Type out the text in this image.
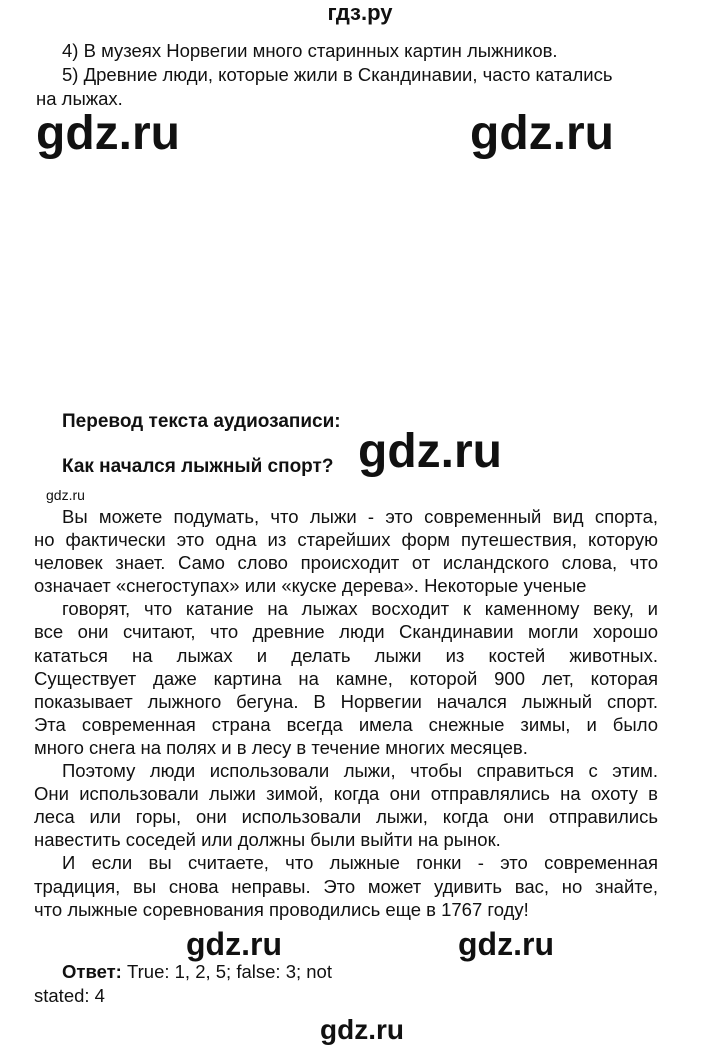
гдз.ру
4) В музеях Норвегии много старинных картин лыжников.
5) Древние люди, которые жили в Скандинавии, часто катались
на лыжах.
gdz.ru	gdz.ru
Перевод текста аудиозаписи:
Как начался лыжный спорт? gdz.ru
gdz.ru
Вы можете подумать, что лыжи - это современный вид спорта,
но фактически это одна из старейших форм путешествия, которую
человек знает. Само слово происходит от исландского слова, что
означает «снегоступах» или «куске дерева». Некоторые ученые
говорят, что катание на лыжах восходит к каменному веку, и
все они считают, что древние люди Скандинавии могли хорошо
кататься на лыжах и делать лыжи из костей животных.
Существует даже картина на камне, которой 900 лет, которая
показывает лыжного бегуна. В Норвегии начался лыжный спорт.
Эта современная страна всегда имела снежные зимы, и было
много снега на полях и в лесу в течение многих месяцев.
Поэтому люди использовали лыжи, чтобы справиться с этим.
Они использовали лыжи зимой, когда они отправлялись на охоту в
леса или горы, они использовали лыжи, когда они отправились
навестить соседей или должны были выйти на рынок.
И если вы считаете, что лыжные гонки - это современная
традиция, вы снова неправы. Это может удивить вас, но знайте,
что лыжные соревнования проводились еще в 1767 году!
gdz.ru	gdz.ru
Ответ: True: 1, 2, 5; false: 3; not
stated: 4
gdz.ru
